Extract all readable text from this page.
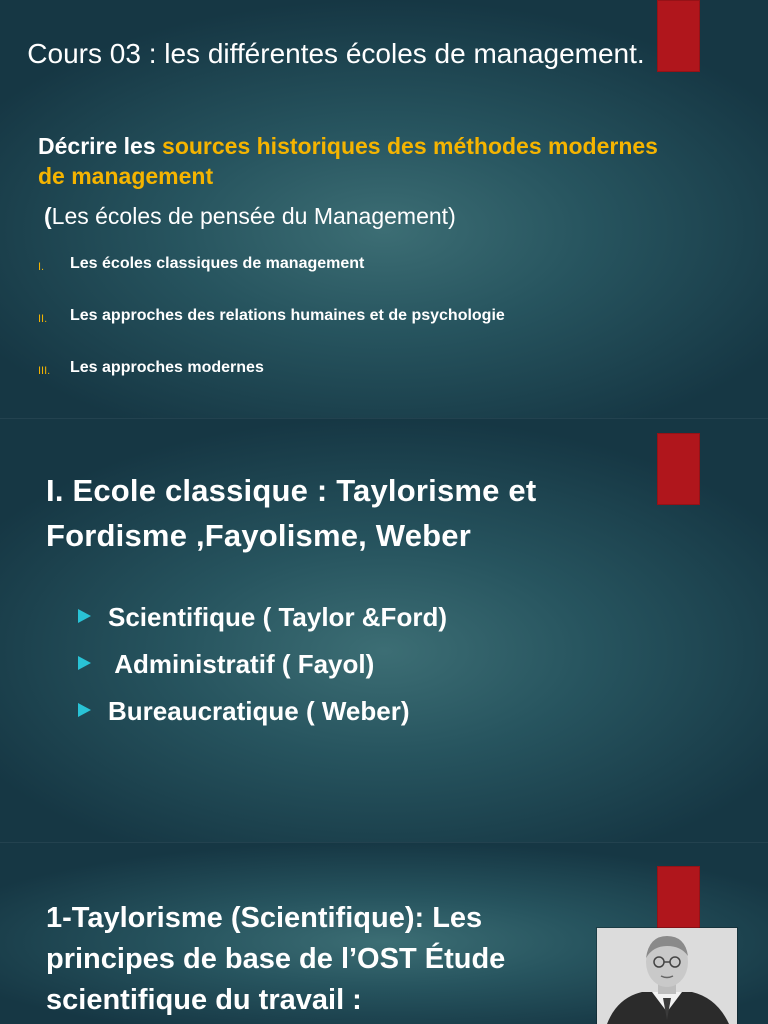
Cours 03 : les différentes écoles de management.
Décrire les sources historiques des méthodes modernes de management
(Les écoles de pensée du Management)
I. Les écoles classiques de management
II. Les approches des relations humaines et de psychologie
III. Les approches modernes
I. Ecole classique : Taylorisme et Fordisme ,Fayolisme, Weber
Scientifique ( Taylor &Ford)
Administratif ( Fayol)
Bureaucratique ( Weber)
1-Taylorisme (Scientifique): Les principes de base de l’OST Étude scientifique du travail :
